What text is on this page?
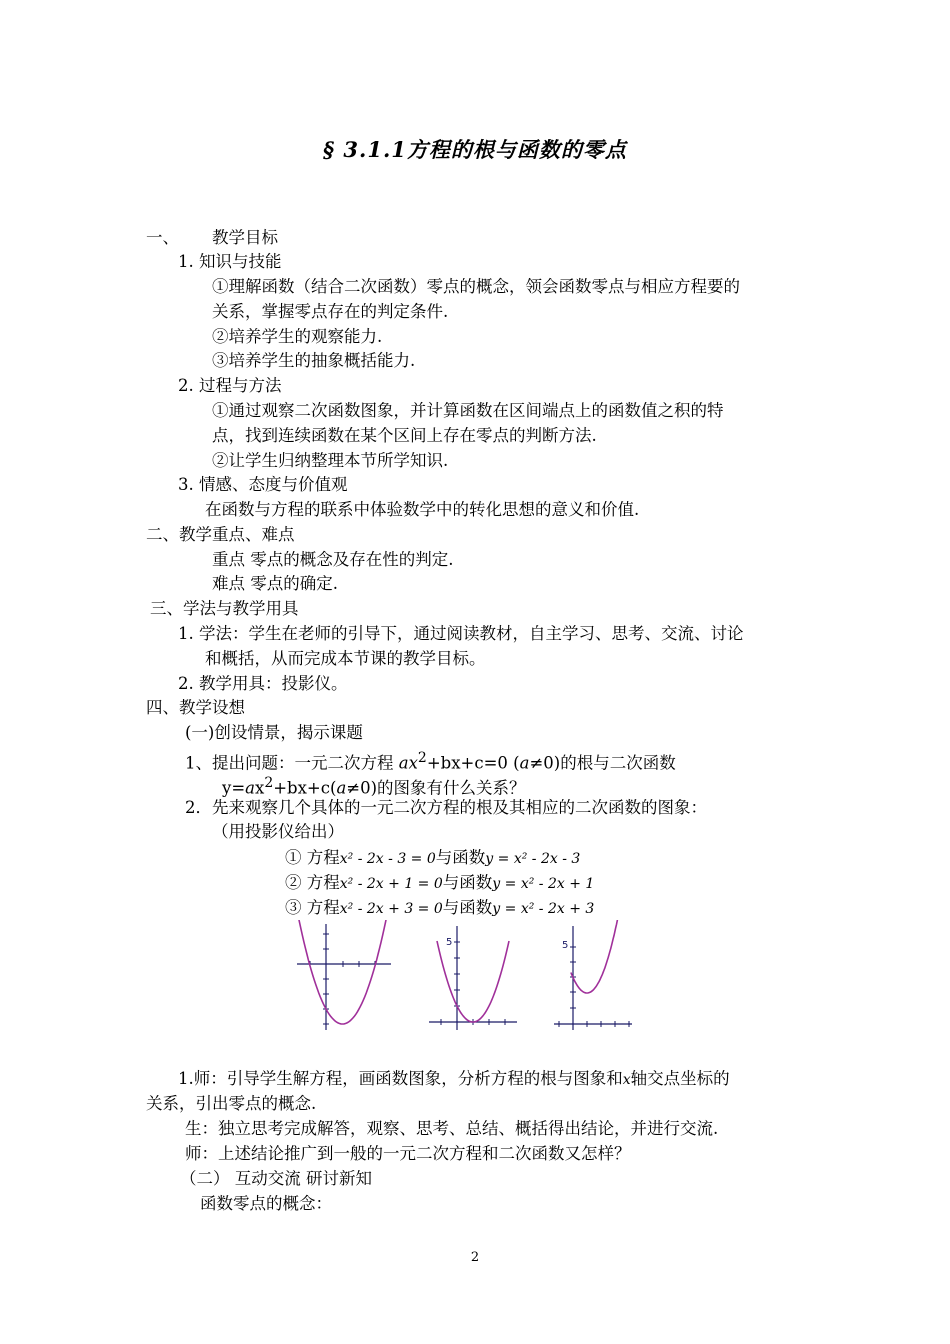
§ 3.1.1方程的根与函数的零点
一、 教学目标
1. 知识与技能
①理解函数（结合二次函数）零点的概念，领会函数零点与相应方程要的
关系，掌握零点存在的判定条件.
②培养学生的观察能力.
③培养学生的抽象概括能力.
2. 过程与方法
①通过观察二次函数图象，并计算函数在区间端点上的函数值之积的特
点，找到连续函数在某个区间上存在零点的判断方法.
②让学生归纳整理本节所学知识.
3. 情感、态度与价值观
在函数与方程的联系中体验数学中的转化思想的意义和价值.
二、教学重点、难点
重点 零点的概念及存在性的判定.
难点 零点的确定.
三、学法与教学用具
1. 学法：学生在老师的引导下，通过阅读教材，自主学习、思考、交流、讨论
和概括，从而完成本节课的教学目标。
2. 教学用具：投影仪。
四、教学设想
(一)创设情景，揭示课题
1、提出问题：一元二次方程 $ax^2+bx+c=0$ (a≠0)的根与二次函数
$y=ax^2+bx+c(a\ne 0)$的图象有什么关系？
2．先来观察几个具体的一元二次方程的根及其相应的二次函数的图象：
（用投影仪给出）
① 方程x² - 2x - 3 = 0与函数y = x² - 2x - 3
② 方程x² - 2x + 1 = 0与函数y = x² - 2x + 1
③ 方程x² - 2x + 3 = 0与函数y = x² - 2x + 3
5	5
1.师：引导学生解方程，画函数图象，分析方程的根与图象和x轴交点坐标的
关系，引出零点的概念.
生：独立思考完成解答，观察、思考、总结、概括得出结论，并进行交流.
师：上述结论推广到一般的一元二次方程和二次函数又怎样？
（二） 互动交流 研讨新知
函数零点的概念：
2
